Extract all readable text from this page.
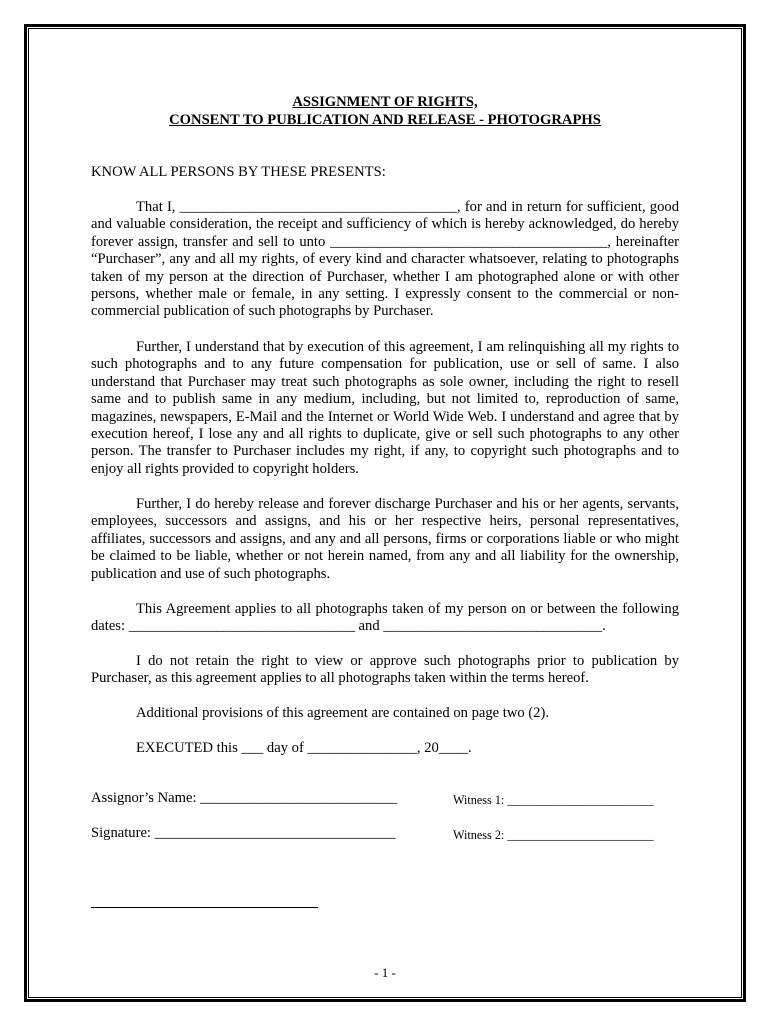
ASSIGNMENT OF RIGHTS,

CONSENT TO PUBLICATION AND RELEASE - PHOTOGRAPHS

KNOW ALL PERSONS BY THESE PRESENTS:

That I, ______________________________________, for and in return for sufficient, good and valuable consideration, the receipt and sufficiency of which is hereby acknowledged, do hereby forever assign, transfer and sell to unto ______________________________________, hereinafter “Purchaser”, any and all my rights, of every kind and character whatsoever, relating to photographs taken of my person at the direction of Purchaser, whether I am photographed alone or with other persons, whether male or female, in any setting. I expressly consent to the commercial or non-commercial publication of such photographs by Purchaser.

Further, I understand that by execution of this agreement, I am relinquishing all my rights to such photographs and to any future compensation for publication, use or sell of same. I also understand that Purchaser may treat such photographs as sole owner, including the right to resell same and to publish same in any medium, including, but not limited to, reproduction of same, magazines, newspapers, E-Mail and the Internet or World Wide Web. I understand and agree that by execution hereof, I lose any and all rights to duplicate, give or sell such photographs to any other person. The transfer to Purchaser includes my right, if any, to copyright such photographs and to enjoy all rights provided to copyright holders.

Further, I do hereby release and forever discharge Purchaser and his or her agents, servants, employees, successors and assigns, and his or her respective heirs, personal representatives, affiliates, successors and assigns, and any and all persons, firms or corporations liable or who might be claimed to be liable, whether or not herein named, from any and all liability for the ownership, publication and use of such photographs.

This Agreement applies to all photographs taken of my person on or between the following dates: _______________________________ and ______________________________.

I do not retain the right to view or approve such photographs prior to publication by Purchaser, as this agreement applies to all photographs taken within the terms hereof.

Additional provisions of this agreement are contained on page two (2).

EXECUTED this ___ day of _______________, 20____.

Assignor’s Name: ___________________________	Witness 1: ________________________
Signature: _________________________________	Witness 2: ________________________
- 1 -
